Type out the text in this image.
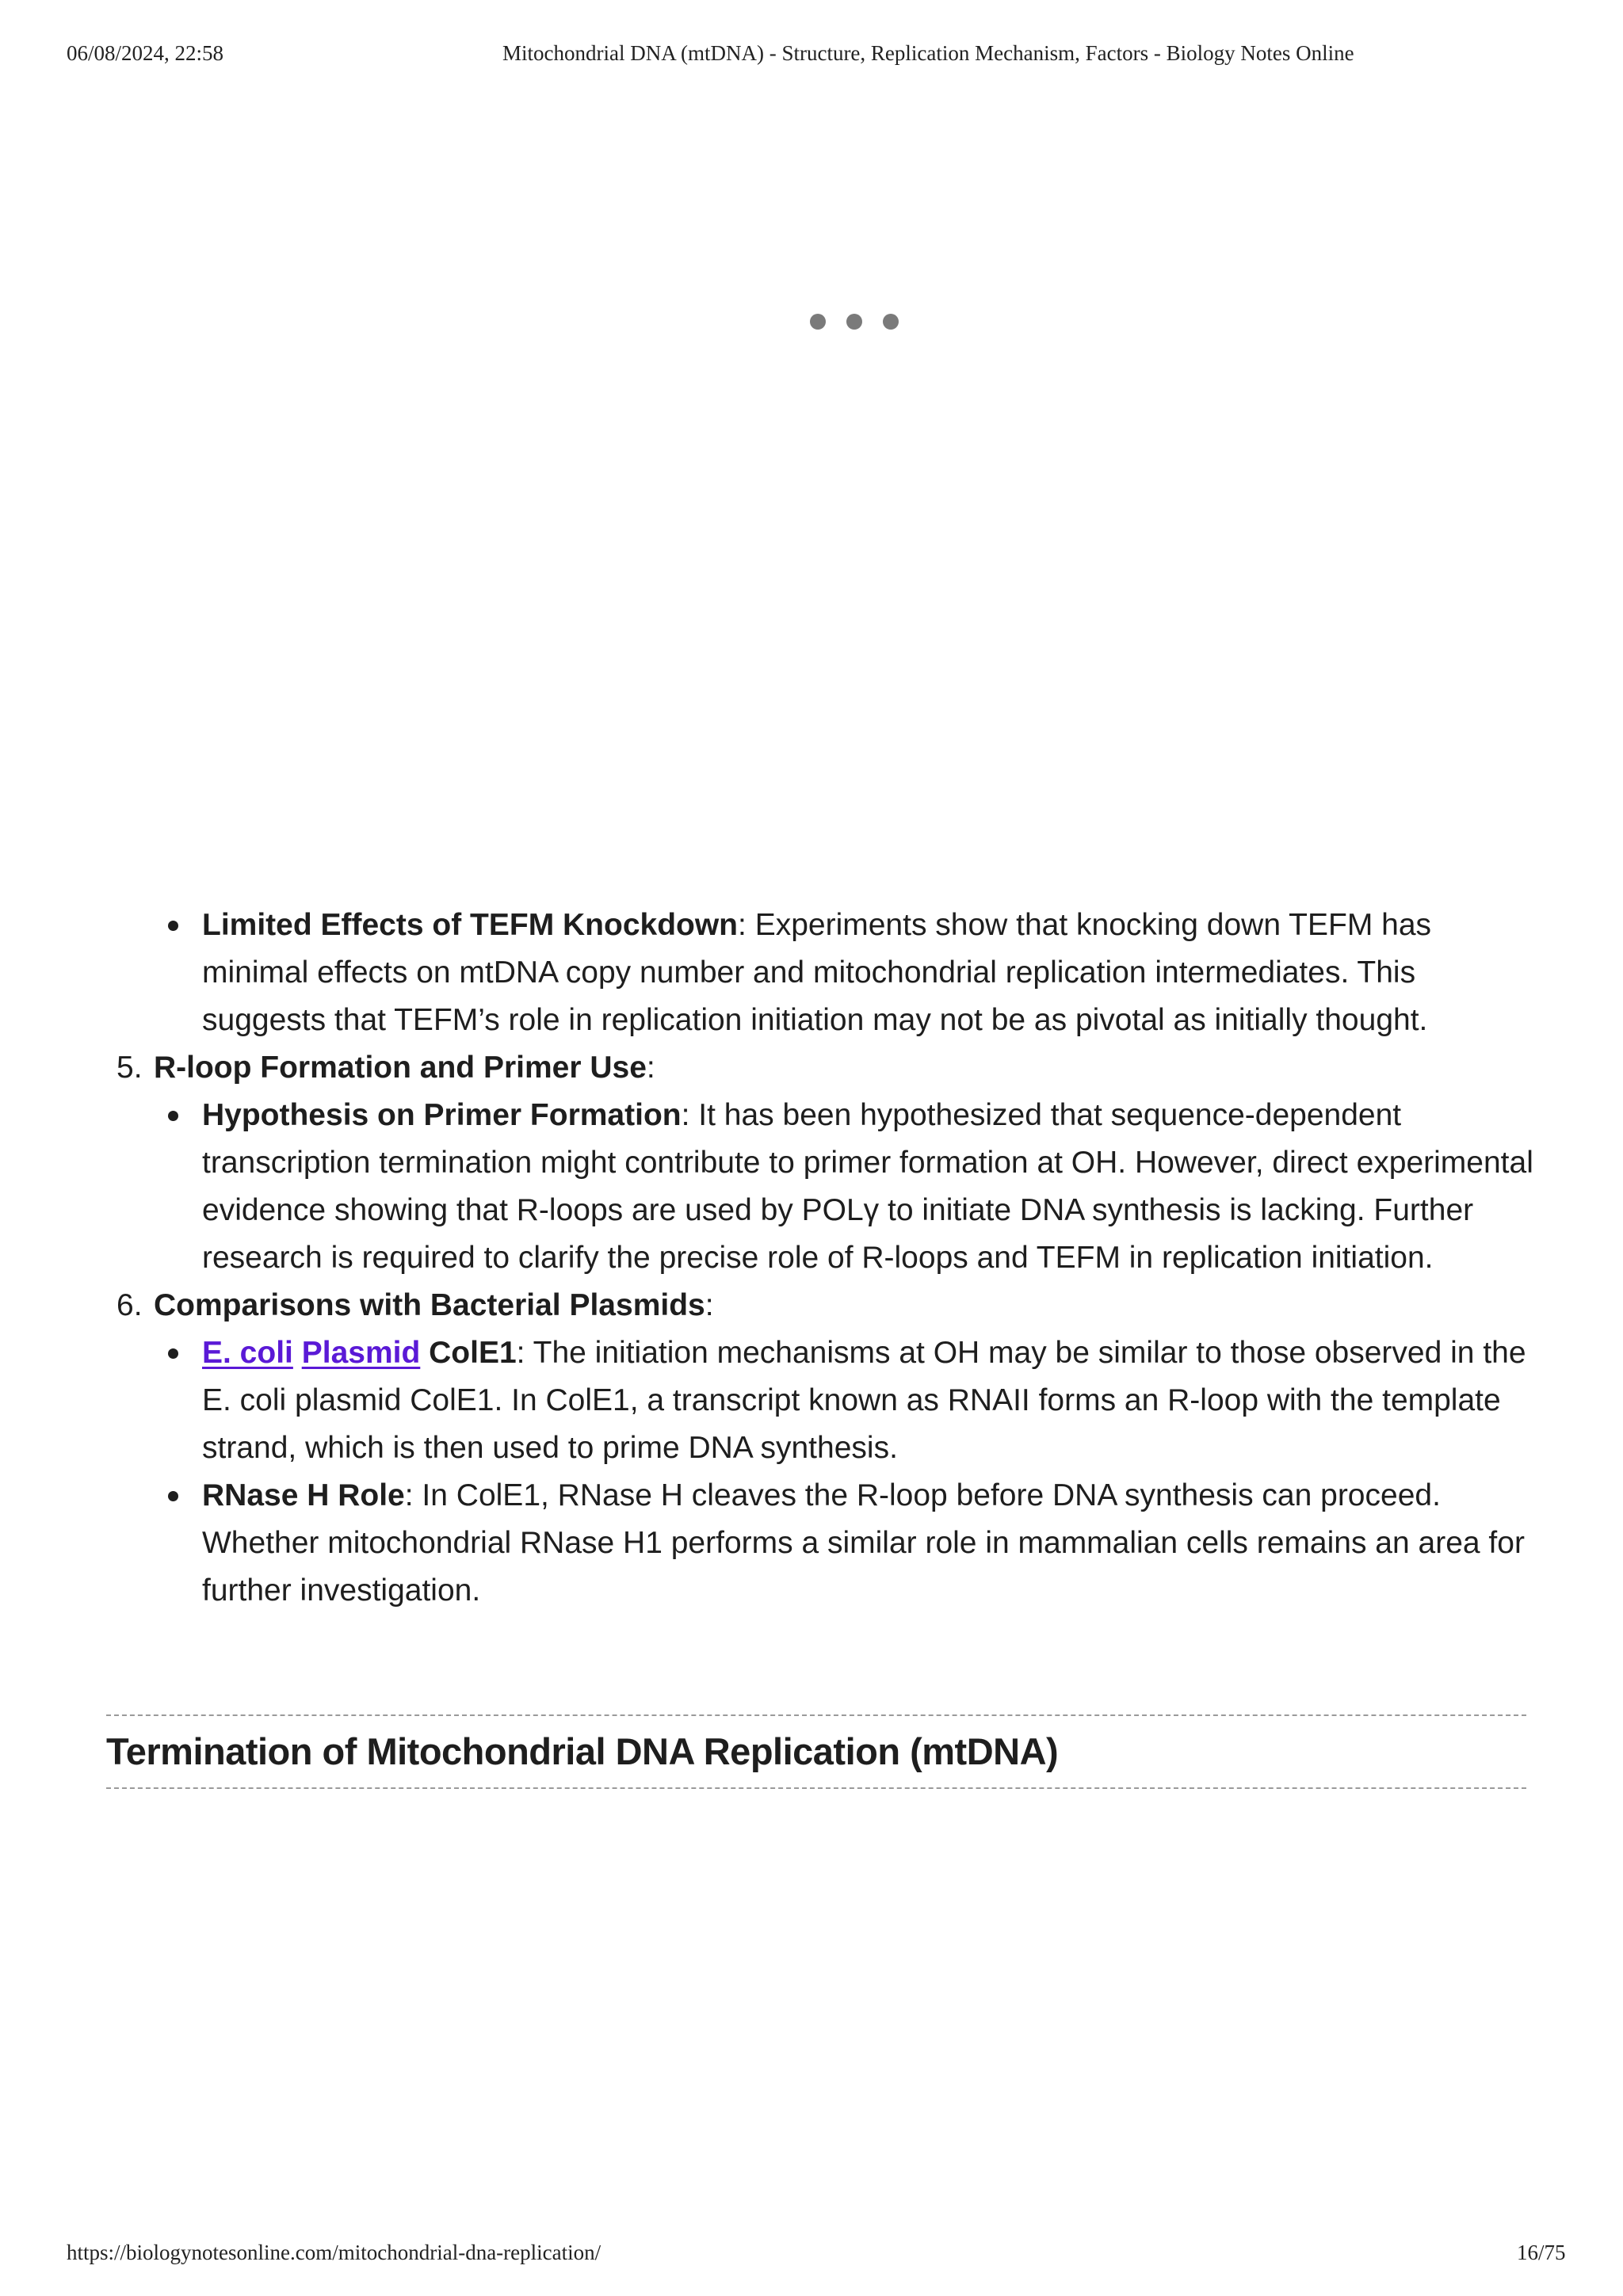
06/08/2024, 22:58	Mitochondrial DNA (mtDNA) - Structure, Replication Mechanism, Factors - Biology Notes Online
Limited Effects of TEFM Knockdown: Experiments show that knocking down TEFM has minimal effects on mtDNA copy number and mitochondrial replication intermediates. This suggests that TEFM’s role in replication initiation may not be as pivotal as initially thought.
5. R-loop Formation and Primer Use:
Hypothesis on Primer Formation: It has been hypothesized that sequence-dependent transcription termination might contribute to primer formation at OH. However, direct experimental evidence showing that R-loops are used by POLγ to initiate DNA synthesis is lacking. Further research is required to clarify the precise role of R-loops and TEFM in replication initiation.
6. Comparisons with Bacterial Plasmids:
E. coli Plasmid ColE1: The initiation mechanisms at OH may be similar to those observed in the E. coli plasmid ColE1. In ColE1, a transcript known as RNAII forms an R-loop with the template strand, which is then used to prime DNA synthesis.
RNase H Role: In ColE1, RNase H cleaves the R-loop before DNA synthesis can proceed. Whether mitochondrial RNase H1 performs a similar role in mammalian cells remains an area for further investigation.
Termination of Mitochondrial DNA Replication (mtDNA)
https://biologynotesonline.com/mitochondrial-dna-replication/	16/75
